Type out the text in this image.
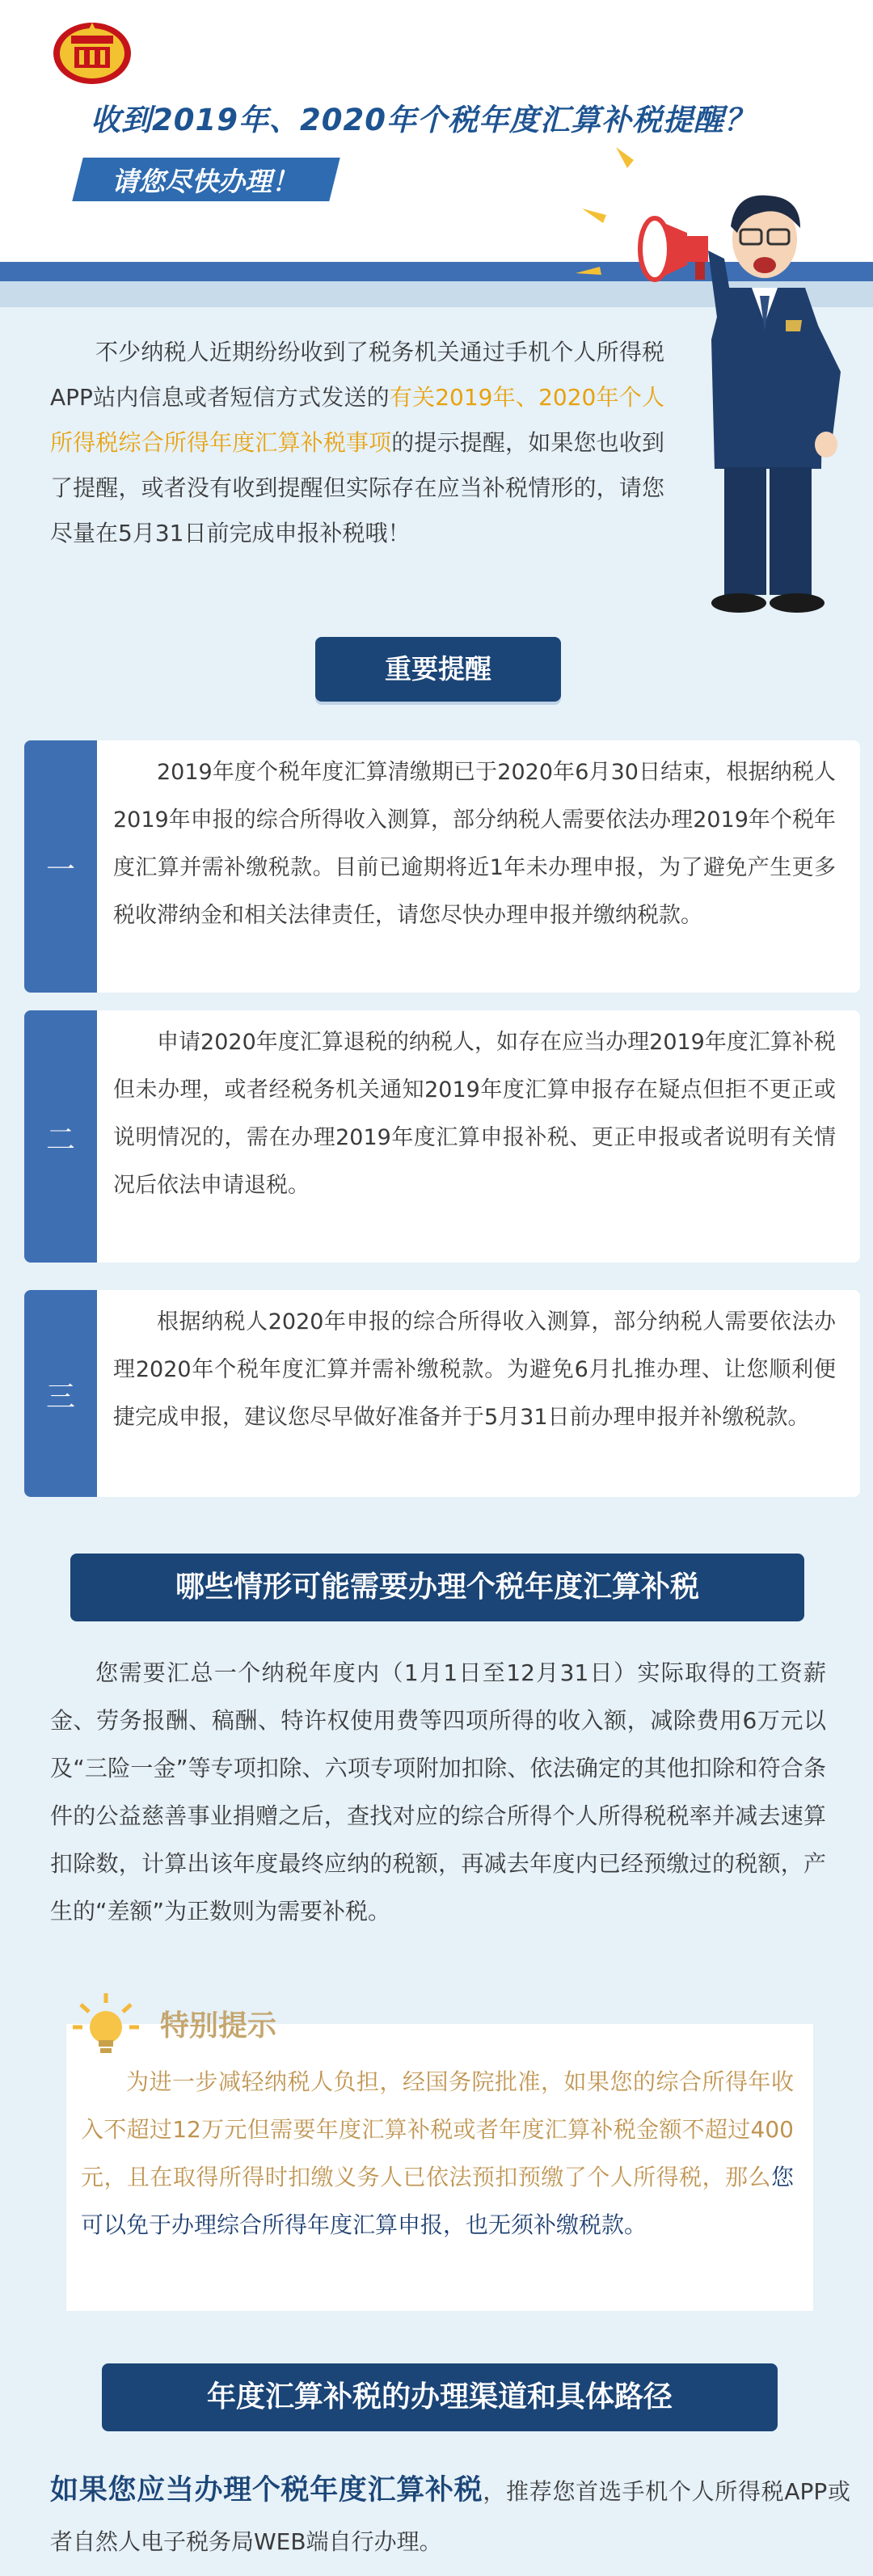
收到2019年、2020年个税年度汇算补税提醒？
请您尽快办理！

不少纳税人近期纷纷收到了税务机关通过手机个人所得税APP站内信息或者短信方式发送的有关2019年、2020年个人所得税综合所得年度汇算补税事项的提示提醒，如果您也收到了提醒，或者没有收到提醒但实际存在应当补税情形的，请您尽量在5月31日前完成申报补税哦！

重要提醒
一

2019年度个税年度汇算清缴期已于2020年6月30日结束，根据纳税人2019年申报的综合所得收入测算，部分纳税人需要依法办理2019年个税年度汇算并需补缴税款。目前已逾期将近1年未办理申报，为了避免产生更多税收滞纳金和相关法律责任，请您尽快办理申报并缴纳税款。

二

申请2020年度汇算退税的纳税人，如存在应当办理2019年度汇算补税但未办理，或者经税务机关通知2019年度汇算申报存在疑点但拒不更正或说明情况的，需在办理2019年度汇算申报补税、更正申报或者说明有关情况后依法申请退税。

三

根据纳税人2020年申报的综合所得收入测算，部分纳税人需要依法办理2020年个税年度汇算并需补缴税款。为避免6月扎推办理、让您顺利便捷完成申报，建议您尽早做好准备并于5月31日前办理申报并补缴税款。

哪些情形可能需要办理个税年度汇算补税

您需要汇总一个纳税年度内（1月1日至12月31日）实际取得的工资薪金、劳务报酬、稿酬、特许权使用费等四项所得的收入额，减除费用6万元以及“三险一金”等专项扣除、六项专项附加扣除、依法确定的其他扣除和符合条件的公益慈善事业捐赠之后，查找对应的综合所得个人所得税税率并减去速算扣除数，计算出该年度最终应纳的税额，再减去年度内已经预缴过的税额，产生的“差额”为正数则为需要补税。

特别提示

为进一步减轻纳税人负担，经国务院批准，如果您的综合所得年收入不超过12万元但需要年度汇算补税或者年度汇算补税金额不超过400元，且在取得所得时扣缴义务人已依法预扣预缴了个人所得税，那么您可以免于办理综合所得年度汇算申报，也无须补缴税款。

年度汇算补税的办理渠道和具体路径

如果您应当办理个税年度汇算补税，推荐您首选手机个人所得税APP或者自然人电子税务局WEB端自行办理。
